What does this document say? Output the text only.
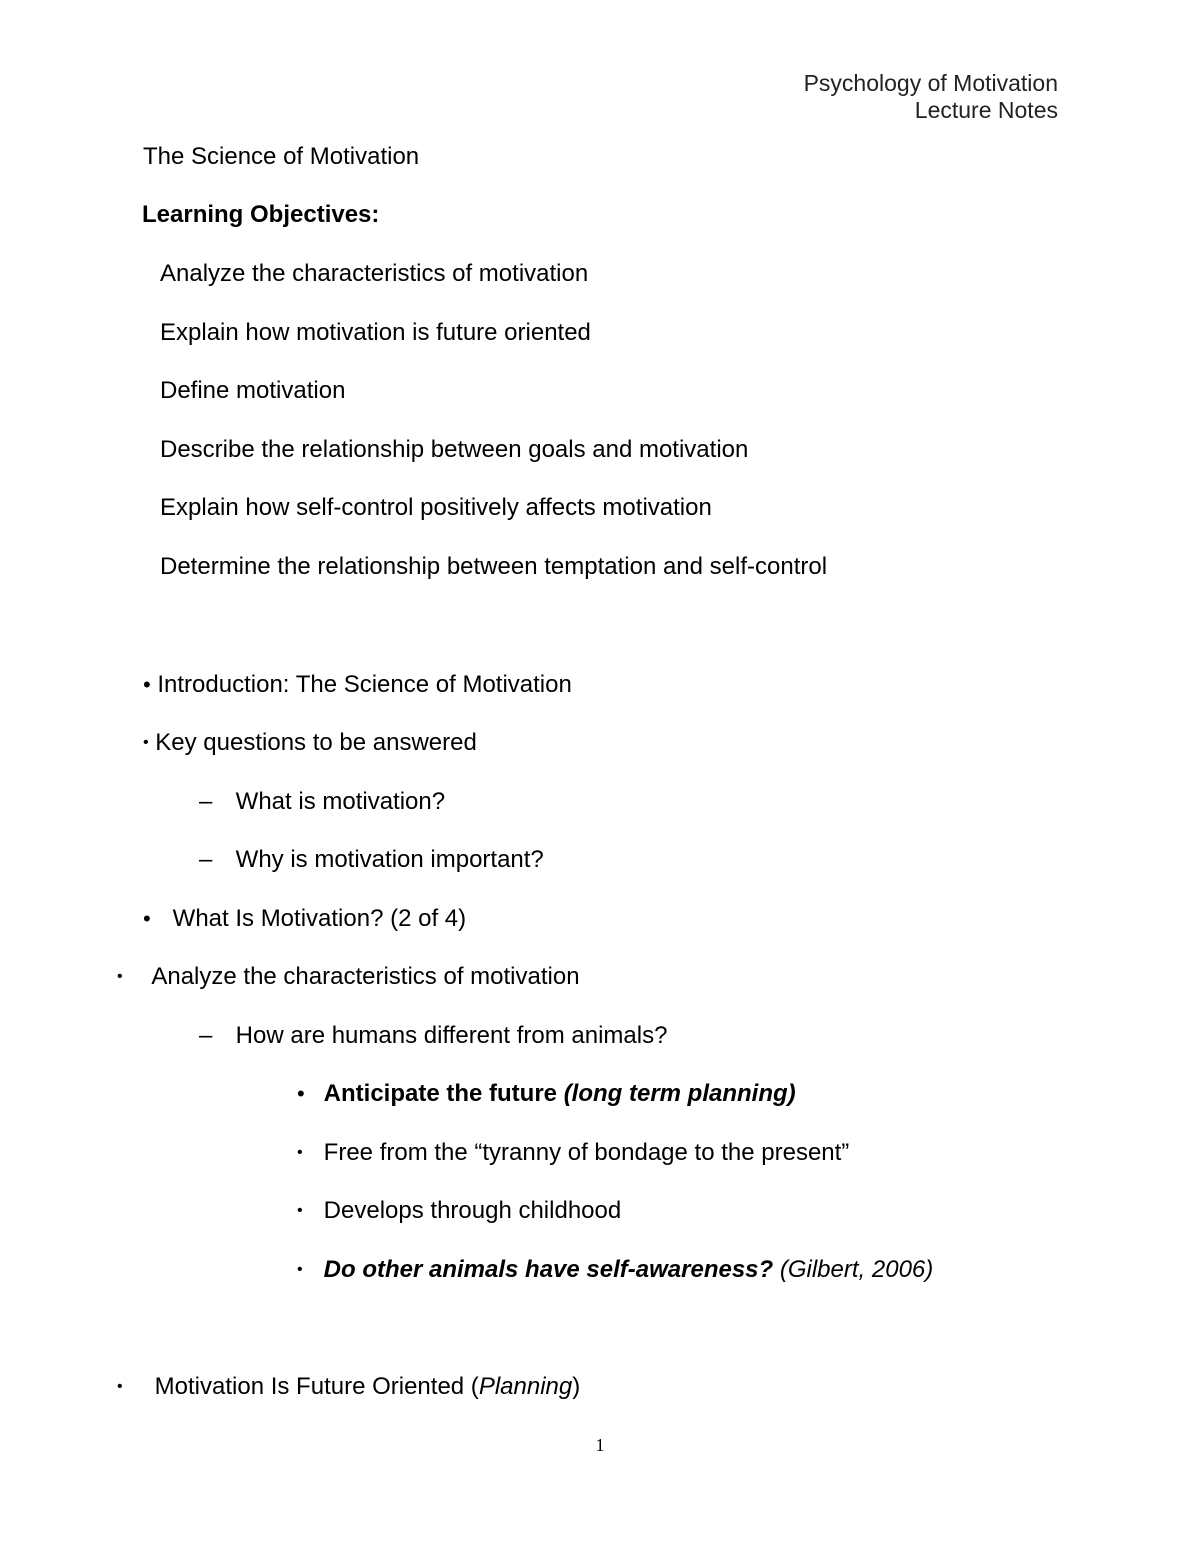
Psychology of Motivation
Lecture Notes
The Science of Motivation
Learning Objectives:
Analyze the characteristics of motivation
Explain how motivation is future oriented
Define motivation
Describe the relationship between goals and motivation
Explain how self-control positively affects motivation
Determine the relationship between temptation and self-control
• Introduction: The Science of Motivation
• Key questions to be answered
– What is motivation?
– Why is motivation important?
• What Is Motivation? (2 of 4)
• Analyze the characteristics of motivation
– How are humans different from animals?
• Anticipate the future (long term planning)
• Free from the “tyranny of bondage to the present”
• Develops through childhood
• Do other animals have self-awareness? (Gilbert, 2006)
• Motivation Is Future Oriented (Planning)
1
